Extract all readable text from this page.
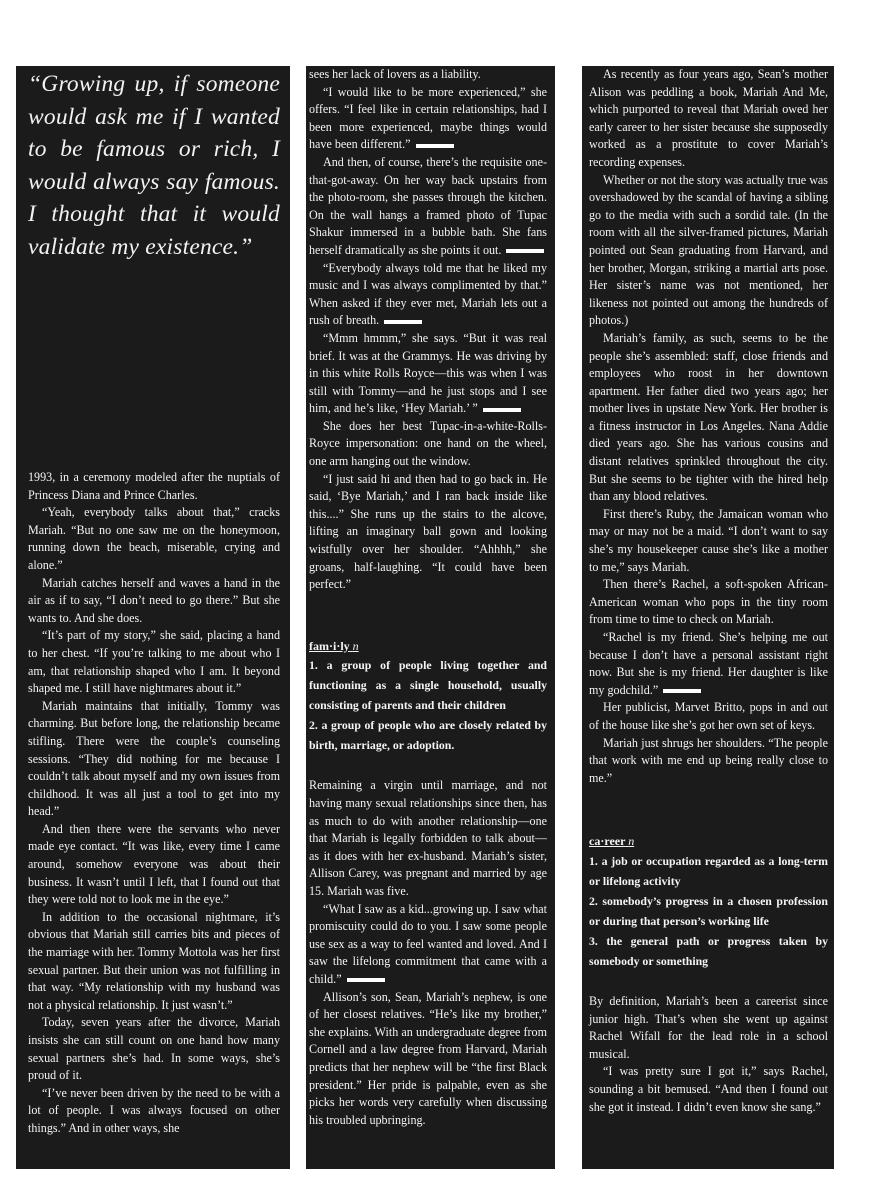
“Growing up, if someone would ask me if I wanted to be famous or rich, I would always say famous. I thought that it would validate my existence.”

1993, in a ceremony modeled after the nuptials of Princess Diana and Prince Charles.

“Yeah, everybody talks about that,” cracks Mariah. “But no one saw me on the honeymoon, running down the beach, miserable, crying and alone.”

Mariah catches herself and waves a hand in the air as if to say, “I don’t need to go there.” But she wants to. And she does.

“It’s part of my story,” she said, placing a hand to her chest. “If you’re talking to me about who I am, that relationship shaped who I am. It beyond shaped me. I still have nightmares about it.”

Mariah maintains that initially, Tommy was charming. But before long, the relationship became stifling. There were the couple’s counseling sessions. “They did nothing for me because I couldn’t talk about myself and my own issues from childhood. It was all just a tool to get into my head.”

And then there were the servants who never made eye contact. “It was like, every time I came around, somehow everyone was about their business. It wasn’t until I left, that I found out that they were told not to look me in the eye.”

In addition to the occasional nightmare, it’s obvious that Mariah still carries bits and pieces of the marriage with her. Tommy Mottola was her first sexual partner. But their union was not fulfilling in that way. “My relationship with my husband was not a physical relationship. It just wasn’t.”

Today, seven years after the divorce, Mariah insists she can still count on one hand how many sexual partners she’s had. In some ways, she’s proud of it.

“I’ve never been driven by the need to be with a lot of people. I was always focused on other things.” And in other ways, she

sees her lack of lovers as a liability.

“I would like to be more experienced,” she offers. “I feel like in certain relationships, had I been more experienced, maybe things would have been different.”

And then, of course, there’s the requisite one-that-got-away. On her way back upstairs from the photo-room, she passes through the kitchen. On the wall hangs a framed photo of Tupac Shakur immersed in a bubble bath. She fans herself dramatically as she points it out.

“Everybody always told me that he liked my music and I was always complimented by that.” When asked if they ever met, Mariah lets out a rush of breath.

“Mmm hmmm,” she says. “But it was real brief. It was at the Grammys. He was driving by in this white Rolls Royce—this was when I was still with Tommy—and he just stops and I see him, and he’s like, ‘Hey Mariah.’ ”

She does her best Tupac-in-a-white-Rolls-Royce impersonation: one hand on the wheel, one arm hanging out the window.

“I just said hi and then had to go back in. He said, ‘Bye Mariah,’ and I ran back inside like this....” She runs up the stairs to the alcove, lifting an imaginary ball gown and looking wistfully over her shoulder. “Ahhhh,” she groans, half-laughing. “It could have been perfect.”

fam·i·ly n

1. a group of people living together and functioning as a single household, usually consisting of parents and their children

2. a group of people who are closely related by birth, marriage, or adoption.

Remaining a virgin until marriage, and not having many sexual relationships since then, has as much to do with another relationship—one that Mariah is legally forbidden to talk about—as it does with her ex-husband. Mariah’s sister, Allison Carey, was pregnant and married by age 15. Mariah was five.

“What I saw as a kid...growing up. I saw what promiscuity could do to you. I saw some people use sex as a way to feel wanted and loved. And I saw the lifelong commitment that came with a child.”

Allison’s son, Sean, Mariah’s nephew, is one of her closest relatives. “He’s like my brother,” she explains. With an undergraduate degree from Cornell and a law degree from Harvard, Mariah predicts that her nephew will be “the first Black president.” Her pride is palpable, even as she picks her words very carefully when discussing his troubled upbringing.

As recently as four years ago, Sean’s mother Alison was peddling a book, Mariah And Me, which purported to reveal that Mariah owed her early career to her sister because she supposedly worked as a prostitute to cover Mariah’s recording expenses.

Whether or not the story was actually true was overshadowed by the scandal of having a sibling go to the media with such a sordid tale. (In the room with all the silver-framed pictures, Mariah pointed out Sean graduating from Harvard, and her brother, Morgan, striking a martial arts pose. Her sister’s name was not mentioned, her likeness not pointed out among the hundreds of photos.)

Mariah’s family, as such, seems to be the people she’s assembled: staff, close friends and employees who roost in her downtown apartment. Her father died two years ago; her mother lives in upstate New York. Her brother is a fitness instructor in Los Angeles. Nana Addie died years ago. She has various cousins and distant relatives sprinkled throughout the city. But she seems to be tighter with the hired help than any blood relatives.

First there’s Ruby, the Jamaican woman who may or may not be a maid. “I don’t want to say she’s my housekeeper cause she’s like a mother to me,” says Mariah.

Then there’s Rachel, a soft-spoken African-American woman who pops in the tiny room from time to time to check on Mariah.

“Rachel is my friend. She’s helping me out because I don’t have a personal assistant right now. But she is my friend. Her daughter is like my godchild.”

Her publicist, Marvet Britto, pops in and out of the house like she’s got her own set of keys.

Mariah just shrugs her shoulders. “The people that work with me end up being really close to me.”

ca·reer n

1. a job or occupation regarded as a long-term or lifelong activity

2. somebody’s progress in a chosen profession or during that person’s working life

3. the general path or progress taken by somebody or something

By definition, Mariah’s been a careerist since junior high. That’s when she went up against Rachel Wifall for the lead role in a school musical.

“I was pretty sure I got it,” says Rachel, sounding a bit bemused. “And then I found out she got it instead. I didn’t even know she sang.”
